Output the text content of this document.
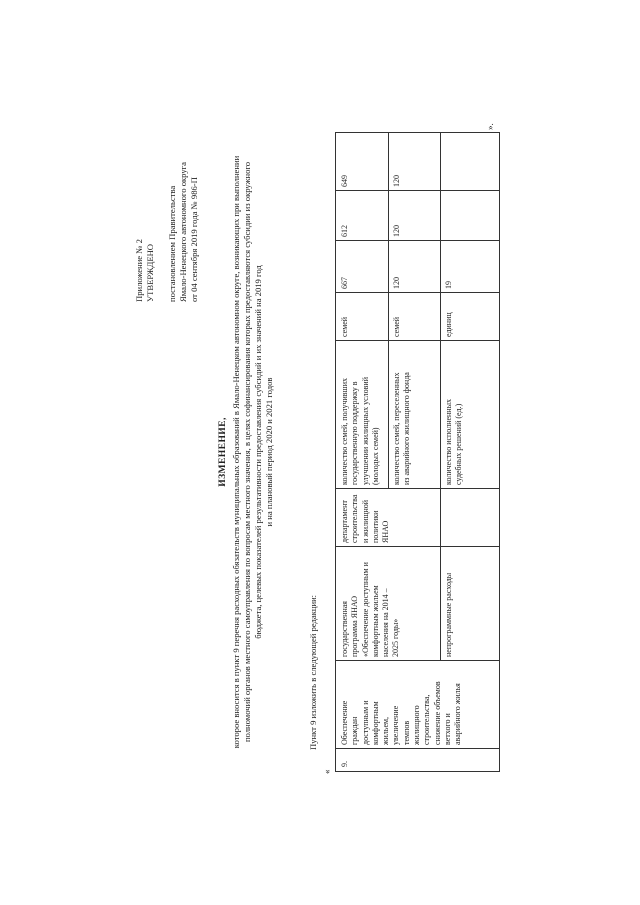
Приложение № 2 УТВЕРЖДЕНО постановлением Правительства Ямало-Ненецкого автономного округа от 04 сентября 2019 года № 986-П
ИЗМЕНЕНИЕ, которое вносится в пункт 9 перечня расходных обязательств муниципальных образований в Ямало-Ненецком автономном округе, возникающих при выполнении полномочий органов местного самоуправления по вопросам местного значения, в целях софинансирования которых предоставляются субсидии из окружного бюджета, целевых показателей результативности предоставления субсидий и их значений на 2019 год и на плановый период 2020 и 2021 годов
Пункт 9 изложить в следующей редакции:
«
9.
Обеспечение
граждан
доступным и
комфортным
жильем,
увеличение
темпов
жилищного
строительства,
снижение объемов
ветхого и
аварийного жилья
государственная
программа ЯНАО
«Обеспечение доступным и
комфортным жильем
населения на 2014 –
2025 годы»	непрограммные расходы
департамент
строительства
и жилищной
политики
ЯНАО
количество семей, получивших
государственную поддержку в
улучшении жилищных условий
(молодых семей)
семей
667
612
649
количество семей, переселенных
из аварийного жилищного фонда
семей
120
120
120
количество исполненных
судебных решений (ед.)
единиц
19
».
